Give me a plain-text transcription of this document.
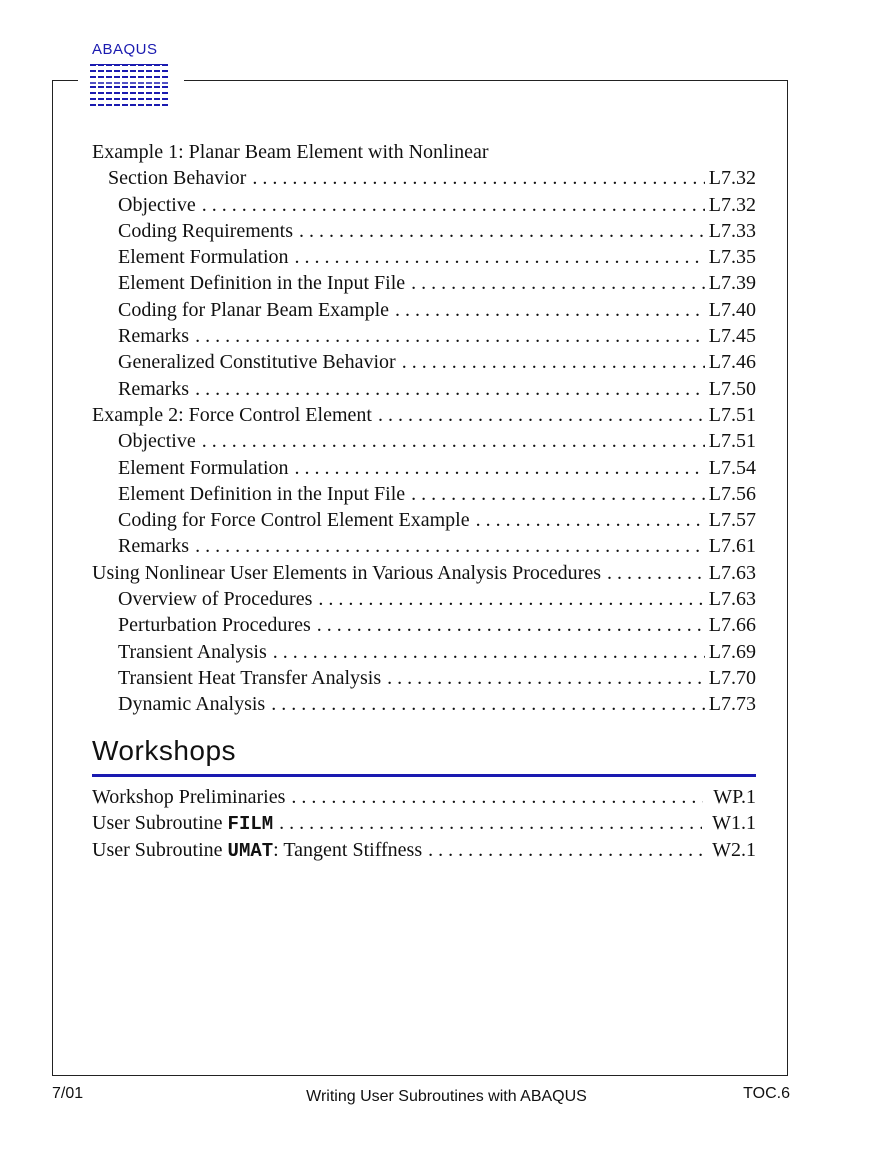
ABAQUS
Example 1: Planar Beam Element with Nonlinear
Section Behavior . . .	L7.32
Objective . . .	L7.32
Coding Requirements . . .	L7.33
Element Formulation . . .	L7.35
Element Definition in the Input File . . .	L7.39
Coding for Planar Beam Example . . .	L7.40
Remarks . . .	L7.45
Generalized Constitutive Behavior . . .	L7.46
Remarks . . .	L7.50
Example 2: Force Control Element . . .	L7.51
Objective . . .	L7.51
Element Formulation . . .	L7.54
Element Definition in the Input File . . .	L7.56
Coding for Force Control Element Example . . .	L7.57
Remarks . . .	L7.61
Using Nonlinear User Elements in Various Analysis Procedures . . .	L7.63
Overview of Procedures . . .	L7.63
Perturbation Procedures . . .	L7.66
Transient Analysis . . .	L7.69
Transient Heat Transfer Analysis . . .	L7.70
Dynamic Analysis . . .	L7.73
Workshops
Workshop Preliminaries . . .	WP.1
User Subroutine FILM . . .	W1.1
User Subroutine UMAT: Tangent Stiffness . . .	W2.1
7/01	Writing User Subroutines with ABAQUS	TOC.6
